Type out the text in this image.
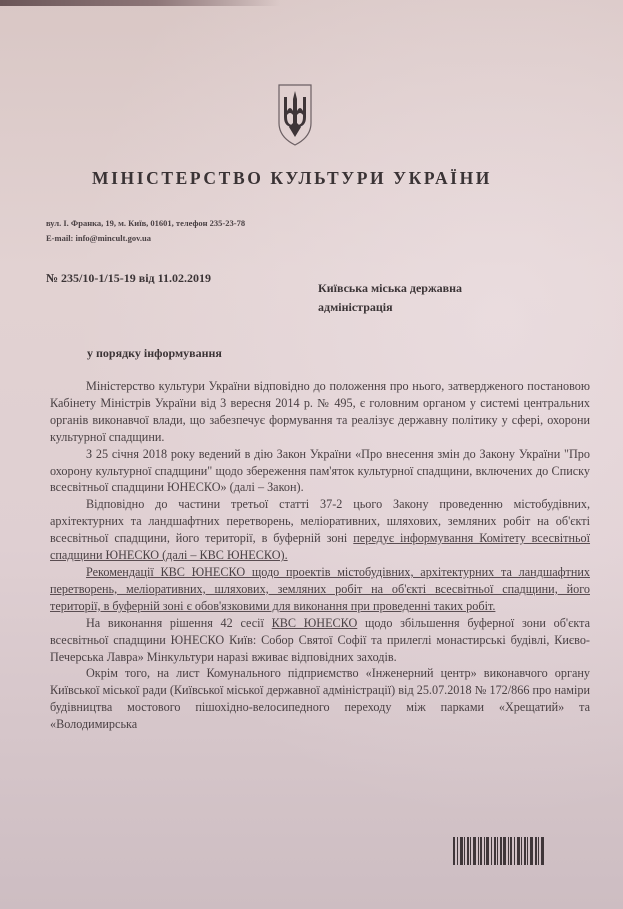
МІНІСТЕРСТВО КУЛЬТУРИ УКРАЇНИ
вул. І. Франка, 19, м. Київ, 01601, телефон 235-23-78
E-mail: info@mincult.gov.ua
№ 235/10-1/15-19 від 11.02.2019
Київська міська державна
адміністрація
у порядку інформування

Міністерство культури України відповідно до положення про нього, затвердженого постановою Кабінету Міністрів України від 3 вересня 2014 р. № 495, є головним органом у системі центральних органів виконавчої влади, що забезпечує формування та реалізує державну політику у сфері, охорони культурної спадщини.

З 25 січня 2018 року ведений в дію Закон України «Про внесення змін до Закону України "Про охорону культурної спадщини" щодо збереження пам'яток культурної спадщини, включених до Списку всесвітньої спадщини ЮНЕСКО» (далі – Закон).

Відповідно до частини третьої статті 37-2 цього Закону проведенню містобудівних, архітектурних та ландшафтних перетворень, меліоративних, шляхових, земляних робіт на об'єкті всесвітньої спадщини, його території, в буферній зоні передує інформування Комітету всесвітньої спадщини ЮНЕСКО (далі – КВС ЮНЕСКО).

Рекомендації КВС ЮНЕСКО щодо проектів містобудівних, архітектурних та ландшафтних перетворень, меліоративних, шляхових, земляних робіт на об'єкті всесвітньої спадщини, його території, в буферній зоні є обов'язковими для виконання при проведенні таких робіт.

На виконання рішення 42 сесії КВС ЮНЕСКО щодо збільшення буферної зони об'єкта всесвітньої спадщини ЮНЕСКО Київ: Собор Святої Софії та прилеглі монастирські будівлі, Києво-Печерська Лавра» Мінкультури наразі вживає відповідних заходів.

Окрім того, на лист Комунального підприємство «Інженерний центр» виконавчого органу Київської міської ради (Київської міської державної адміністрації) від 25.07.2018 № 172/866 про наміри будівництва мостового пішохідно-велосипедного переходу між парками «Хрещатий» та «Володимирська
